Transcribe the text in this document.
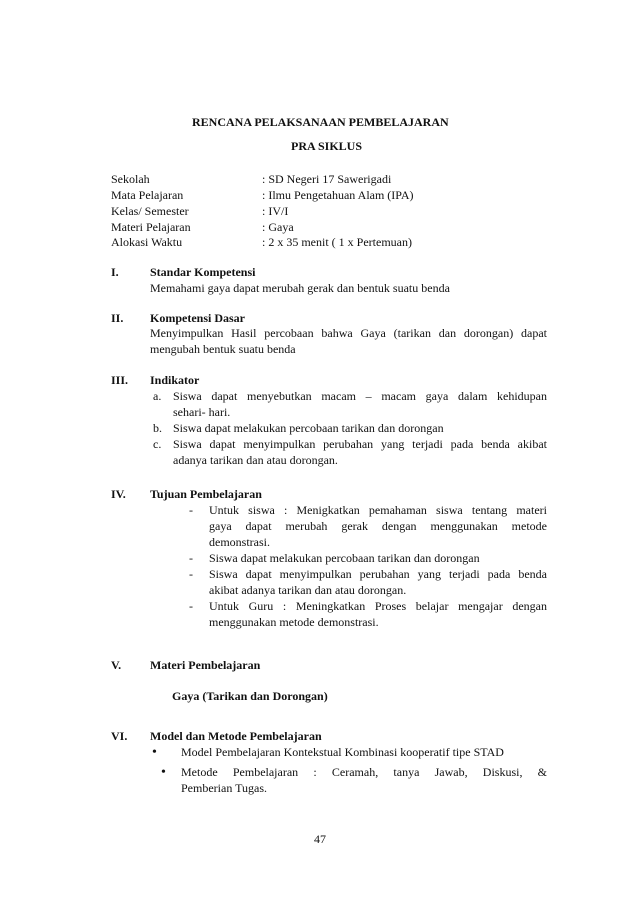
RENCANA PELAKSANAAN PEMBELAJARAN
PRA SIKLUS
Sekolah	: SD Negeri 17 Sawerigadi
Mata Pelajaran	: Ilmu Pengetahuan Alam (IPA)
Kelas/ Semester	: IV/I
Materi Pelajaran	: Gaya
Alokasi Waktu	: 2 x 35 menit ( 1 x Pertemuan)
I.	Standar Kompetensi
Memahami gaya dapat merubah gerak dan bentuk suatu benda
II. Kompetensi Dasar
Menyimpulkan Hasil percobaan bahwa Gaya (tarikan dan dorongan) dapat
mengubah bentuk suatu benda
III. Indikator
a. Siswa dapat menyebutkan macam – macam gaya dalam kehidupan
sehari- hari.
b. Siswa dapat melakukan percobaan tarikan dan dorongan
c. Siswa dapat menyimpulkan perubahan yang terjadi pada benda akibat
adanya tarikan dan atau dorongan.
IV. Tujuan Pembelajaran
- Untuk siswa : Menigkatkan pemahaman siswa tentang materi
gaya dapat merubah gerak dengan menggunakan metode
demonstrasi.
- Siswa dapat melakukan percobaan tarikan dan dorongan
- Siswa dapat menyimpulkan perubahan yang terjadi pada benda
akibat adanya tarikan dan atau dorongan.
- Untuk Guru : Meningkatkan Proses belajar mengajar dengan
menggunakan metode demonstrasi.
V. Materi Pembelajaran
Gaya (Tarikan dan Dorongan)
VI. Model dan Metode Pembelajaran
• Model Pembelajaran Kontekstual Kombinasi kooperatif tipe STAD
• Metode Pembelajaran : Ceramah, tanya Jawab, Diskusi, &
Pemberian Tugas.
47
